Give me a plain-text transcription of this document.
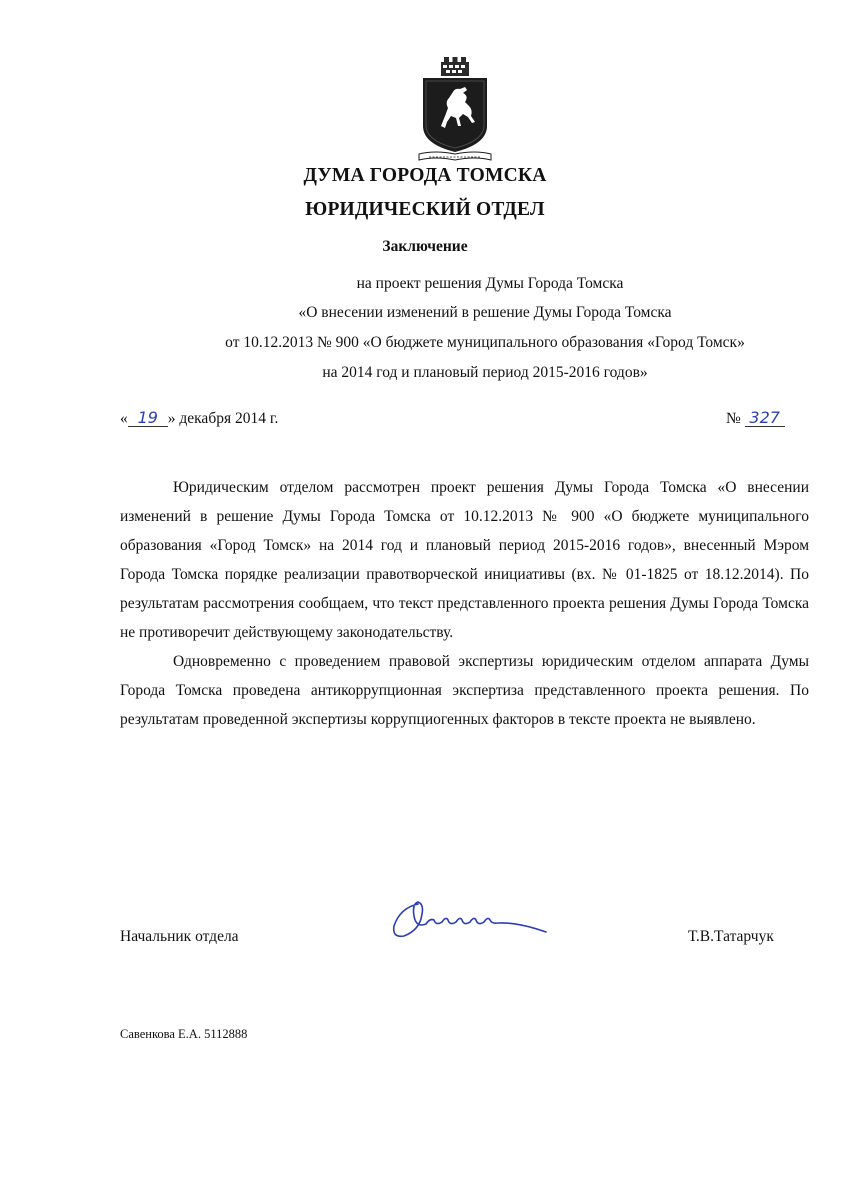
ДУМА ГОРОДА ТОМСКА
ЮРИДИЧЕСКИЙ ОТДЕЛ
Заключение
на проект решения Думы Города Томска
«О внесении изменений в решение Думы Города Томска
от 10.12.2013 № 900 «О бюджете муниципального образования «Город Томск»
на 2014 год и плановый период 2015-2016 годов»
« 19 » декабря 2014 г.	№ 327

Юридическим отделом рассмотрен проект решения Думы Города Томска «О внесении изменений в решение Думы Города Томска от 10.12.2013 № 900 «О бюджете муниципального образования «Город Томск» на 2014 год и плановый период 2015-2016 годов», внесенный Мэром Города Томска порядке реализации правотворческой инициативы (вх. № 01-1825 от 18.12.2014). По результатам рассмотрения сообщаем, что текст представленного проекта решения Думы Города Томска не противоречит действующему законодательству.

Одновременно с проведением правовой экспертизы юридическим отделом аппарата Думы Города Томска проведена антикоррупционная экспертиза представленного проекта решения. По результатам проведенной экспертизы коррупциогенных факторов в тексте проекта не выявлено.

Начальник отдела	Т.В.Татарчук
Савенкова Е.А. 5112888
